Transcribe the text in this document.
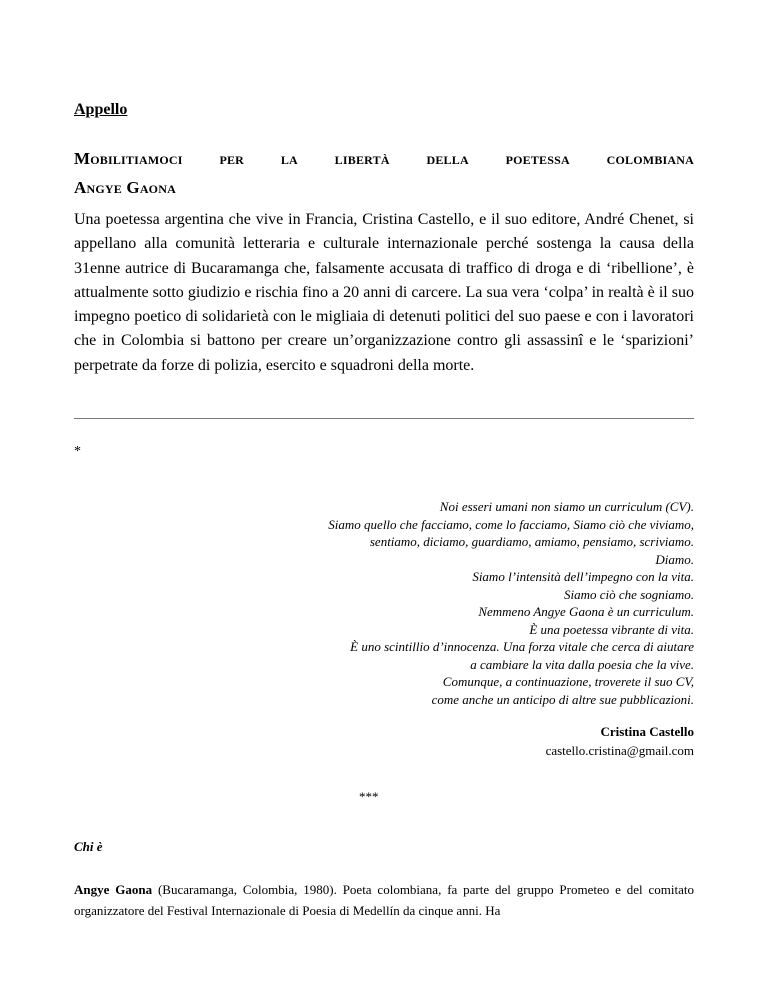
Appello
Mobilitiamoci per la libertà della poetessa colombiana
Angye Gaona
Una poetessa argentina che vive in Francia, Cristina Castello, e il suo editore, André Chenet, si appellano alla comunità letteraria e culturale internazionale perché sostenga la causa della 31enne autrice di Bucaramanga che, falsamente accusata di traffico di droga e di ‘ribellione’, è attualmente sotto giudizio e rischia fino a 20 anni di carcere. La sua vera ‘colpa’ in realtà è il suo impegno poetico di solidarietà con le migliaia di detenuti politici del suo paese e con i lavoratori che in Colombia si battono per creare un’organizzazione contro gli assassinî e le ‘sparizioni’ perpetrate da forze di polizia, esercito e squadroni della morte.
*
Noi esseri umani non siamo un curriculum (CV).
Siamo quello che facciamo, come lo facciamo, Siamo ciò che viviamo,
sentiamo, diciamo, guardiamo, amiamo, pensiamo, scriviamo.
Diamo.
Siamo l’intensità dell’impegno con la vita.
Siamo ciò che sogniamo.
Nemmeno Angye Gaona è un curriculum.
È una poetessa vibrante di vita.
È uno scintillio d’innocenza. Una forza vitale che cerca di aiutare
a cambiare la vita dalla poesia che la vive.
Comunque, a continuazione, troverete il suo CV,
come anche un anticipo di altre sue pubblicazioni.
Cristina Castello
castello.cristina@gmail.com
***
Chi è
Angye Gaona (Bucaramanga, Colombia, 1980). Poeta colombiana, fa parte del gruppo Prometeo e del comitato organizzatore del Festival Internazionale di Poesia di Medellín da cinque anni. Ha
